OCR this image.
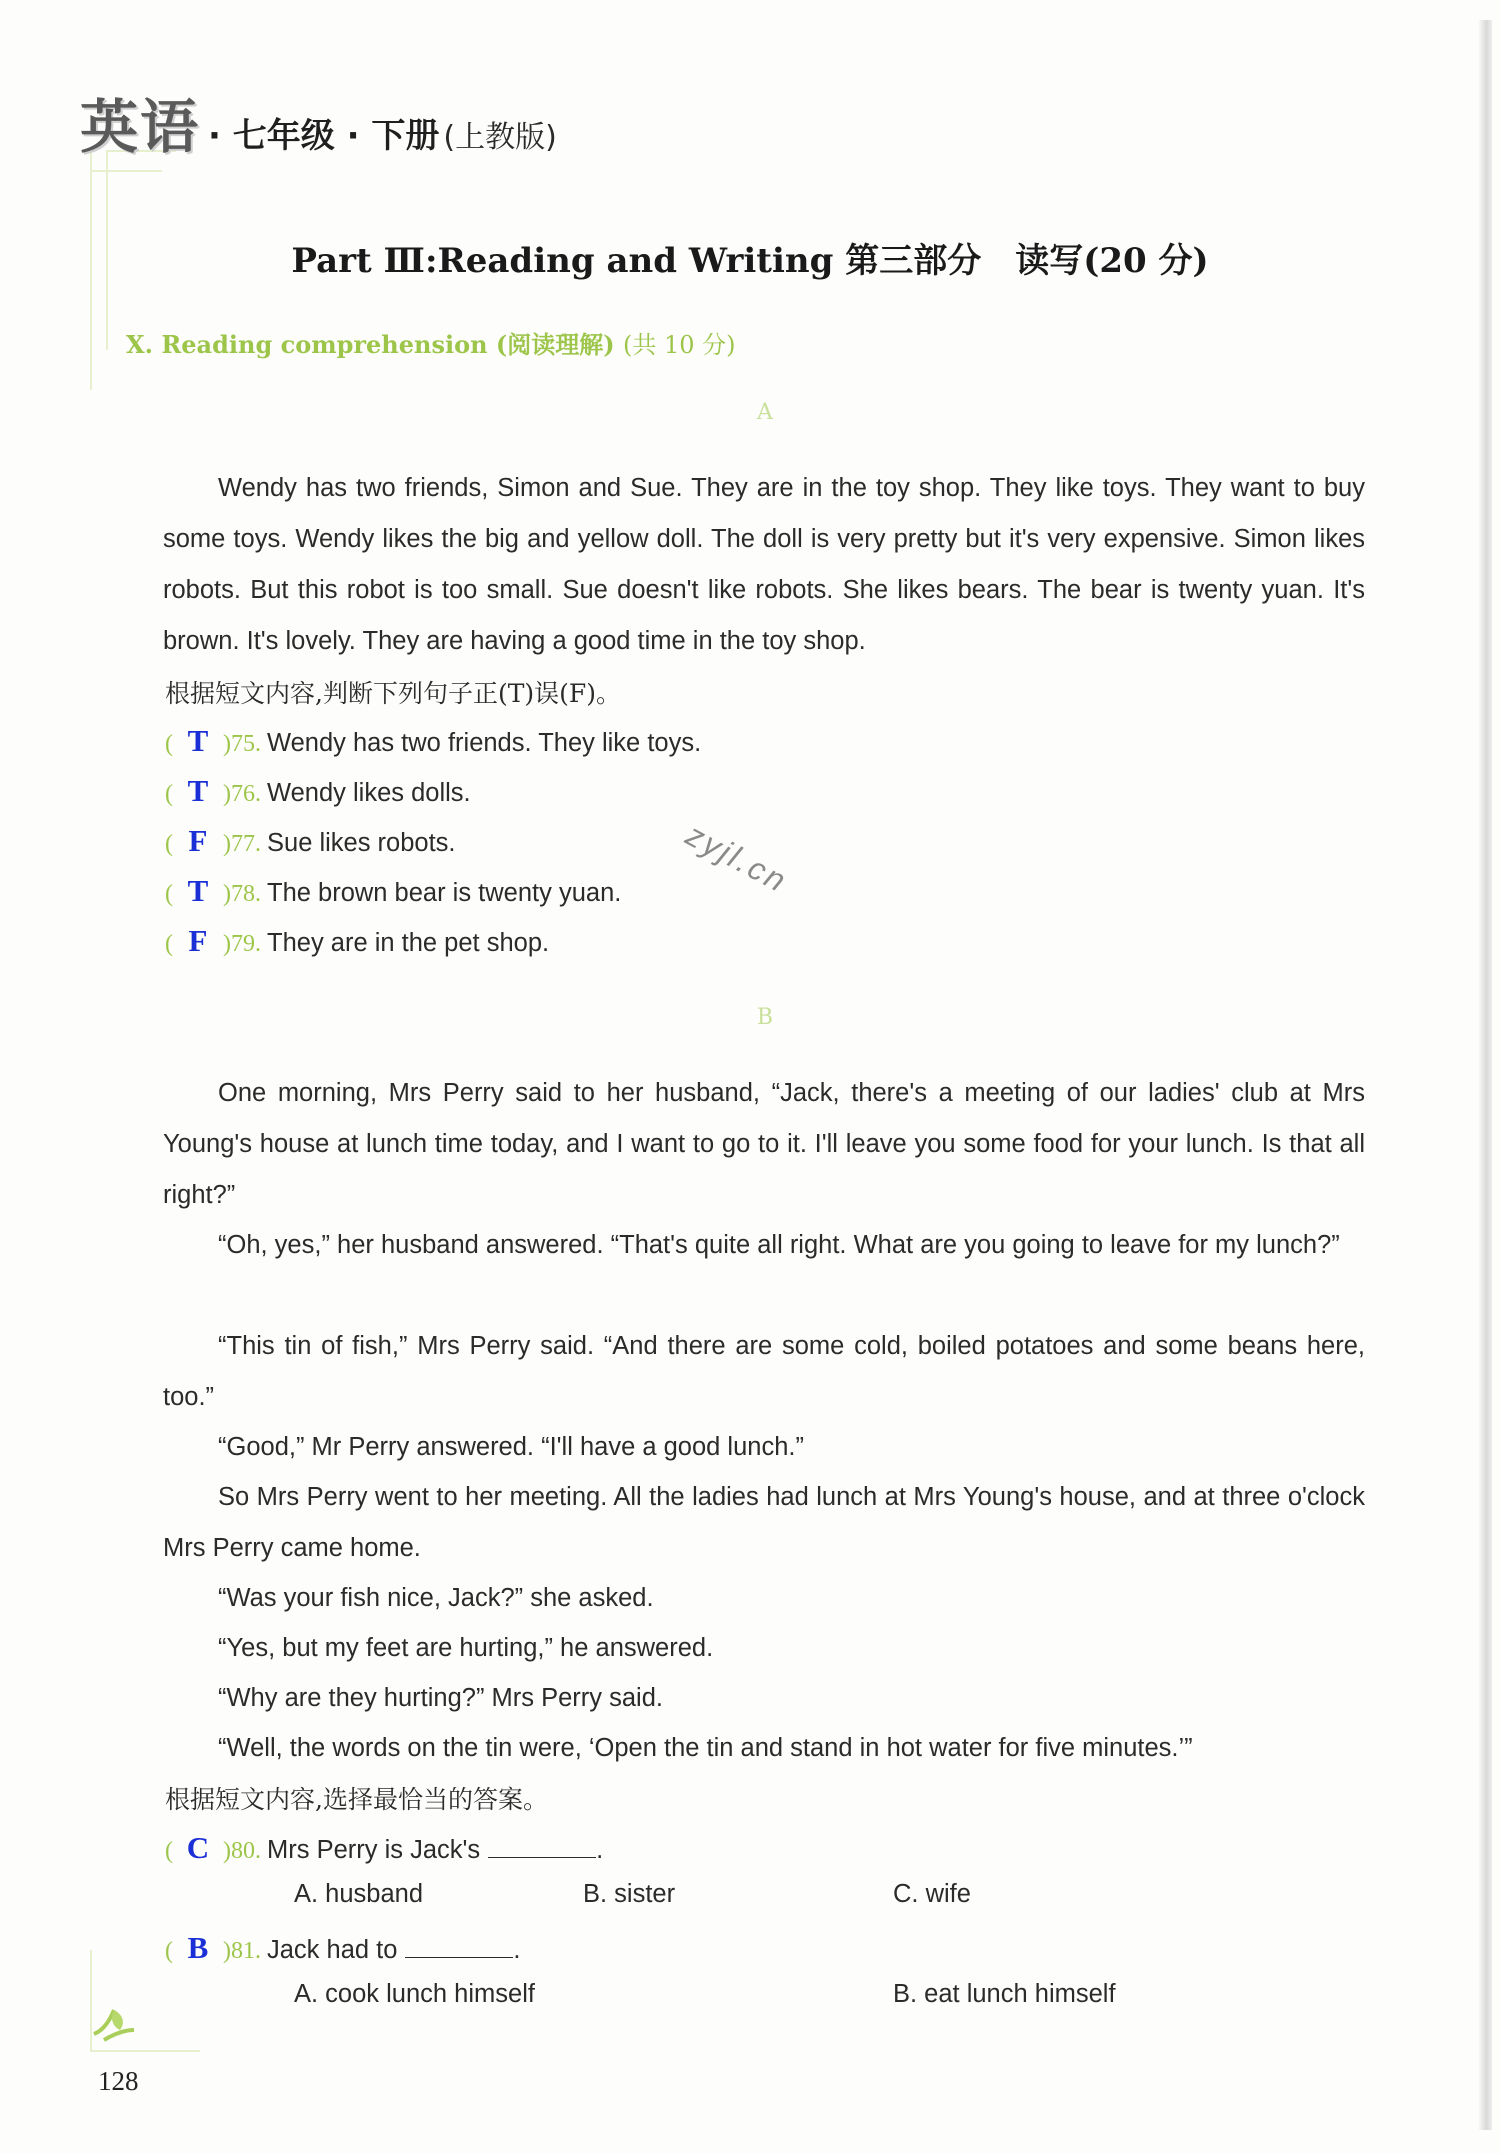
英语 · 七年级 · 下册 (上教版)
Part Ⅲ:Reading and Writing 第三部分　读写(20 分)
Ⅹ. Reading comprehension (阅读理解) (共 10 分)
A

Wendy has two friends, Simon and Sue. They are in the toy shop. They like toys. They want to buy some toys. Wendy likes the big and yellow doll. The doll is very pretty but it's very expensive. Simon likes robots. But this robot is too small. Sue doesn't like robots. She likes bears. The bear is twenty yuan. It's brown. It's lovely. They are having a good time in the toy shop.

根据短文内容,判断下列句子正(T)误(F)。
( T ) 75. Wendy has two friends. They like toys.
( T ) 76. Wendy likes dolls.
( F ) 77. Sue likes robots.
( T ) 78. The brown bear is twenty yuan.
( F ) 79. They are in the pet shop.
zyjl.cn
B

One morning, Mrs Perry said to her husband, “Jack, there's a meeting of our ladies' club at Mrs Young's house at lunch time today, and I want to go to it. I'll leave you some food for your lunch. Is that all right?”

“Oh, yes,” her husband answered. “That's quite all right. What are you going to leave for my lunch?”

“This tin of fish,” Mrs Perry said. “And there are some cold, boiled potatoes and some beans here, too.”

“Good,” Mr Perry answered. “I'll have a good lunch.”

So Mrs Perry went to her meeting. All the ladies had lunch at Mrs Young's house, and at three o'clock Mrs Perry came home.

“Was your fish nice, Jack?” she asked.

“Yes, but my feet are hurting,” he answered.

“Why are they hurting?” Mrs Perry said.

“Well, the words on the tin were, ‘Open the tin and stand in hot water for five minutes.’”

根据短文内容,选择最恰当的答案。
( C ) 80. Mrs Perry is Jack's	.
A. husband	B. sister	C. wife
( B ) 81. Jack had to	.
A. cook lunch himself	B. eat lunch himself
128
